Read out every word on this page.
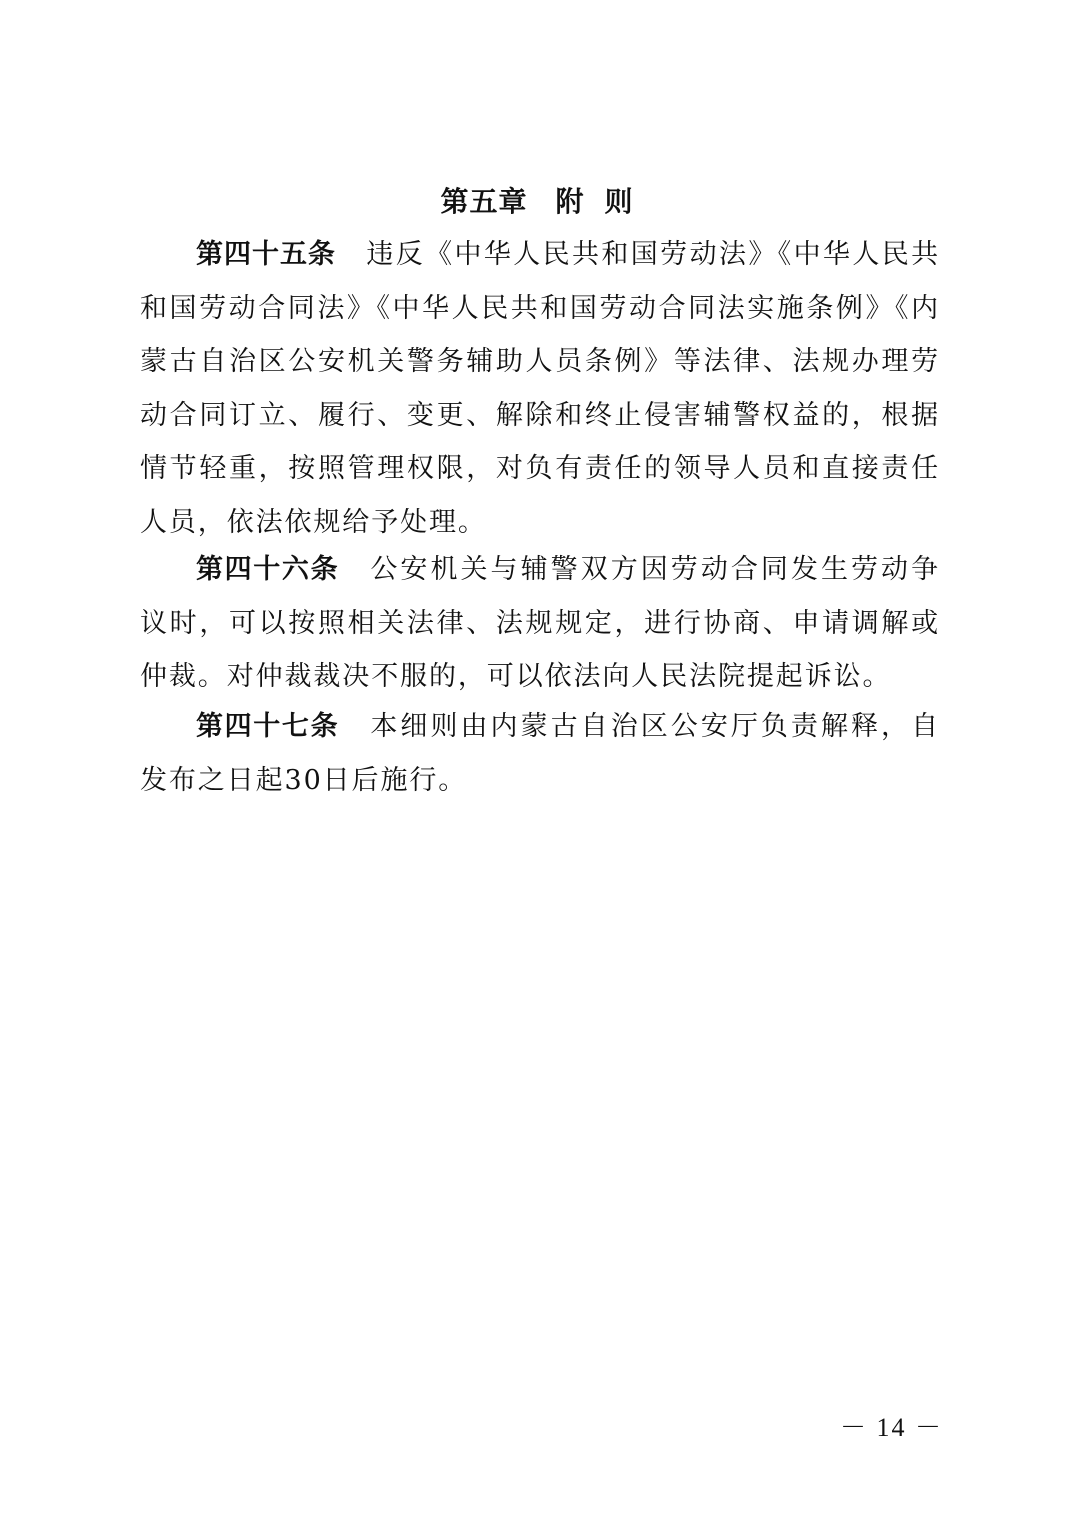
第五章 附 则

第四十五条 违反《中华人民共和国劳动法》《中华人民共和国劳动合同法》《中华人民共和国劳动合同法实施条例》《内蒙古自治区公安机关警务辅助人员条例》等法律、法规办理劳动合同订立、履行、变更、解除和终止侵害辅警权益的，根据情节轻重，按照管理权限，对负有责任的领导人员和直接责任人员，依法依规给予处理。

第四十六条 公安机关与辅警双方因劳动合同发生劳动争议时，可以按照相关法律、法规规定，进行协商、申请调解或仲裁。对仲裁裁决不服的，可以依法向人民法院提起诉讼。

第四十七条 本细则由内蒙古自治区公安厅负责解释，自发布之日起30日后施行。

－ 14 －
